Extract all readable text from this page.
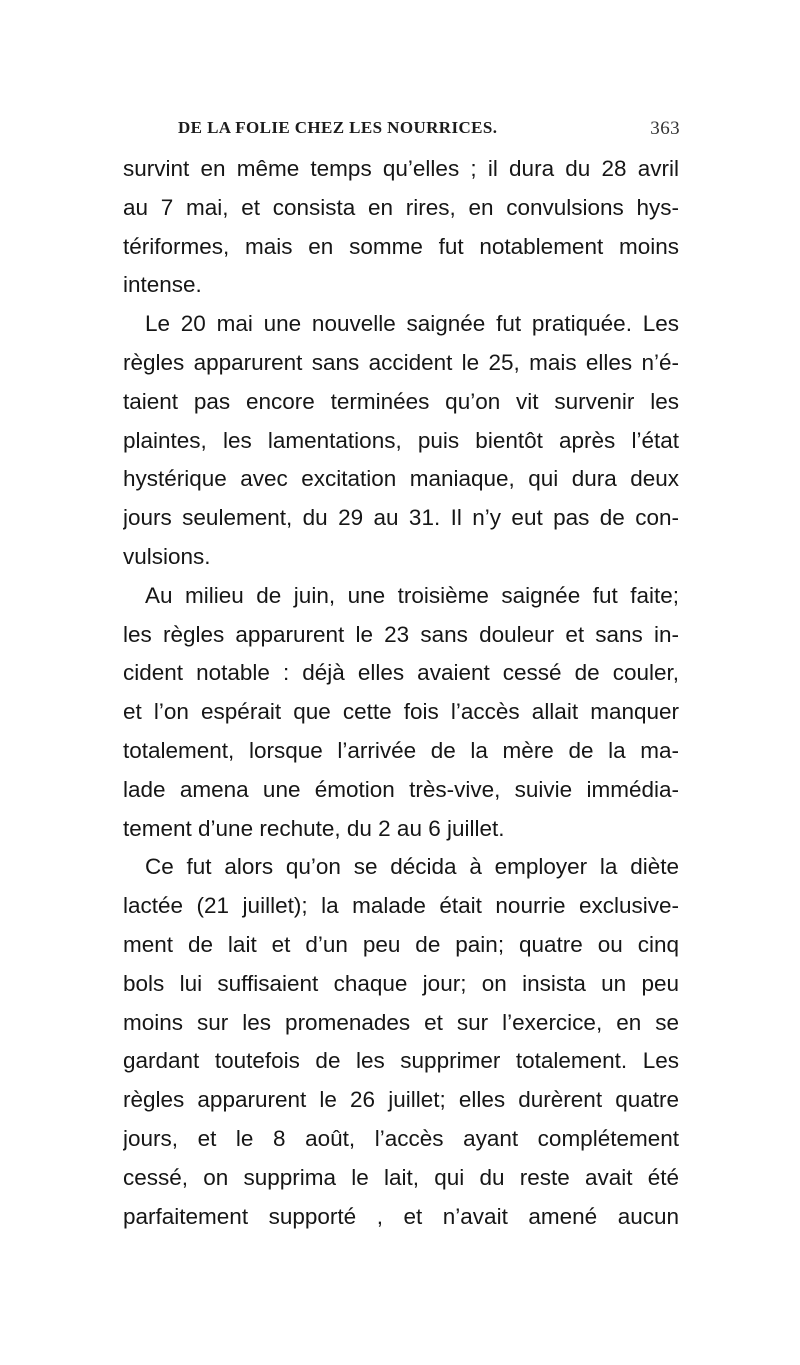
DE LA FOLIE CHEZ LES NOURRICES.	363
survint en même temps qu’elles ; il dura du 28 avril
au 7 mai, et consista en rires, en convulsions hys-
tériformes, mais en somme fut notablement moins
intense.
Le 20 mai une nouvelle saignée fut pratiquée. Les
règles apparurent sans accident le 25, mais elles n’é-
taient pas encore terminées qu’on vit survenir les
plaintes, les lamentations, puis bientôt après l’état
hystérique avec excitation maniaque, qui dura deux
jours seulement, du 29 au 31. Il n’y eut pas de con-
vulsions.
Au milieu de juin, une troisième saignée fut faite;
les règles apparurent le 23 sans douleur et sans in-
cident notable : déjà elles avaient cessé de couler,
et l’on espérait que cette fois l’accès allait manquer
totalement, lorsque l’arrivée de la mère de la ma-
lade amena une émotion très-vive, suivie immédia-
tement d’une rechute, du 2 au 6 juillet.
Ce fut alors qu’on se décida à employer la diète
lactée (21 juillet); la malade était nourrie exclusive-
ment de lait et d’un peu de pain; quatre ou cinq
bols lui suffisaient chaque jour; on insista un peu
moins sur les promenades et sur l’exercice, en se
gardant toutefois de les supprimer totalement. Les
règles apparurent le 26 juillet; elles durèrent quatre
jours, et le 8 août, l’accès ayant complétement
cessé, on supprima le lait, qui du reste avait été
parfaitement supporté , et n’avait amené aucun
